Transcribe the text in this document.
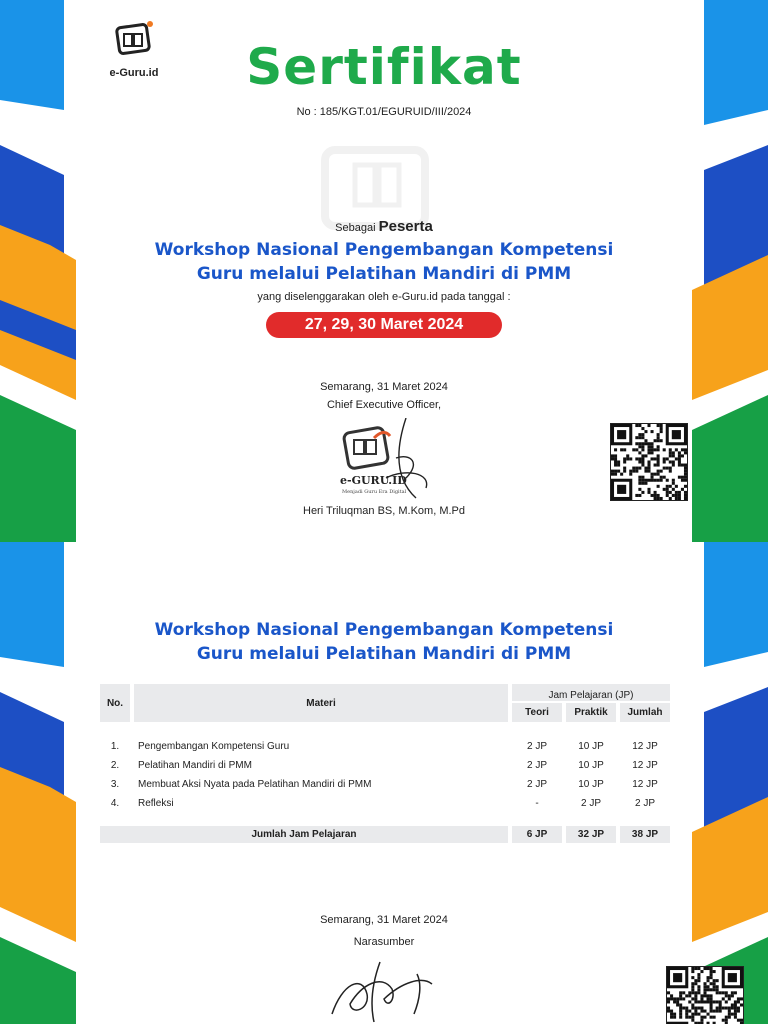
e-Guru.id	Sertifikat
No : 185/KGT.01/EGURUID/III/2024
Sebagai Peserta
Workshop Nasional Pengembangan Kompetensi
Guru melalui Pelatihan Mandiri di PMM
yang diselenggarakan oleh e-Guru.id pada tanggal :
27, 29, 30 Maret 2024
Semarang, 31 Maret 2024
Chief Executive Officer,
e-GURU.ID
Menjadi Guru Era Digital
Heri Triluqman BS, M.Kom, M.Pd
Workshop Nasional Pengembangan Kompetensi
Guru melalui Pelatihan Mandiri di PMM
No.	Materi	Jam Pelajaran (JP)		
		Teori	Praktik	Jumlah

1.	Pengembangan Kompetensi Guru	2 JP	10 JP	12 JP
2.	Pelatihan Mandiri di PMM	2 JP	10 JP	12 JP
3.	Membuat Aksi Nyata pada Pelatihan Mandiri di PMM	2 JP	10 JP	12 JP
4.	Refleksi	-	2 JP	2 JP

Jumlah Jam Pelajaran		6 JP	32 JP	38 JP
Semarang, 31 Maret 2024
Narasumber
